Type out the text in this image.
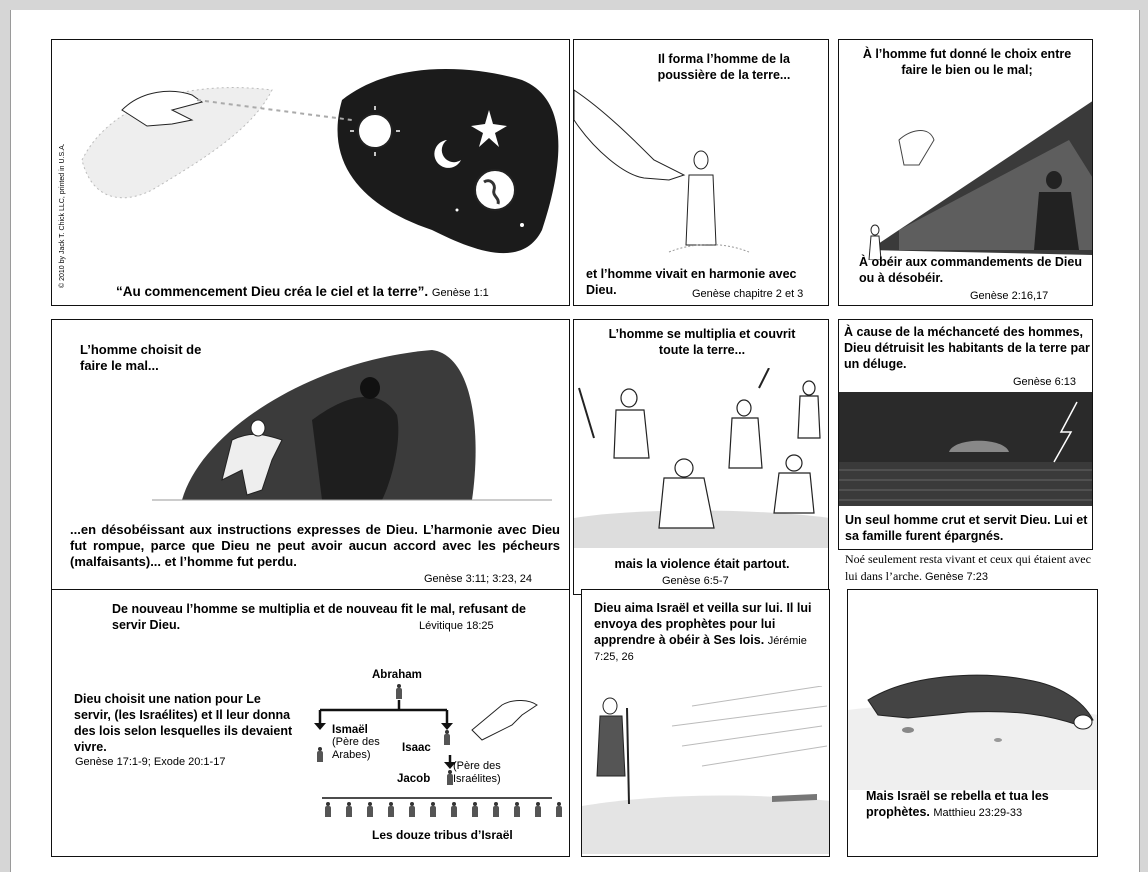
© 2010 by Jack T. Chick LLC, printed in U.S.A.
“Au commencement Dieu créa le ciel et la terre”. Genèse 1:1
Il forma l’homme de la poussière de la terre...
et l’homme vivait en harmonie avec Dieu.	Genèse chapitre 2 et 3
À l’homme fut donné le choix entre faire le bien ou le mal;
À obéir aux commandements de Dieu ou à désobéir.
Genèse 2:16,17
L’homme choisit de faire le mal...
...en désobéissant aux instructions expresses de Dieu. L’harmonie avec Dieu fut rompue, parce que Dieu ne peut avoir aucun accord avec les pécheurs (malfaisants)... et l’homme fut perdu.
Genèse 3:11; 3:23, 24
L’homme se multiplia et couvrit toute la terre...
mais la violence était partout.
Genèse 6:5-7
À cause de la méchanceté des hommes, Dieu détruisit les habitants de la terre par un déluge.
Genèse 6:13
Un seul homme crut et servit Dieu. Lui et sa famille furent épargnés.
Noé seulement resta vivant et ceux qui étaient avec lui dans l’arche. Genèse 7:23
De nouveau l’homme se multiplia et de nouveau fit le mal, refusant de servir Dieu.	Lévitique 18:25
Dieu choisit une nation pour Le servir, (les Israélites) et Il leur donna des lois selon lesquelles ils devaient vivre.
Genèse 17:1-9; Exode 20:1-17
Abraham
Ismaël
(Père des Arabes)
Isaac
(Père des Israélites)
Jacob
Les douze tribus d’Israël
Dieu aima Israël et veilla sur lui. Il lui envoya des prophètes pour lui apprendre à obéir à Ses lois. Jérémie 7:25, 26
Mais Israël se rebella et tua les prophètes. Matthieu 23:29-33
